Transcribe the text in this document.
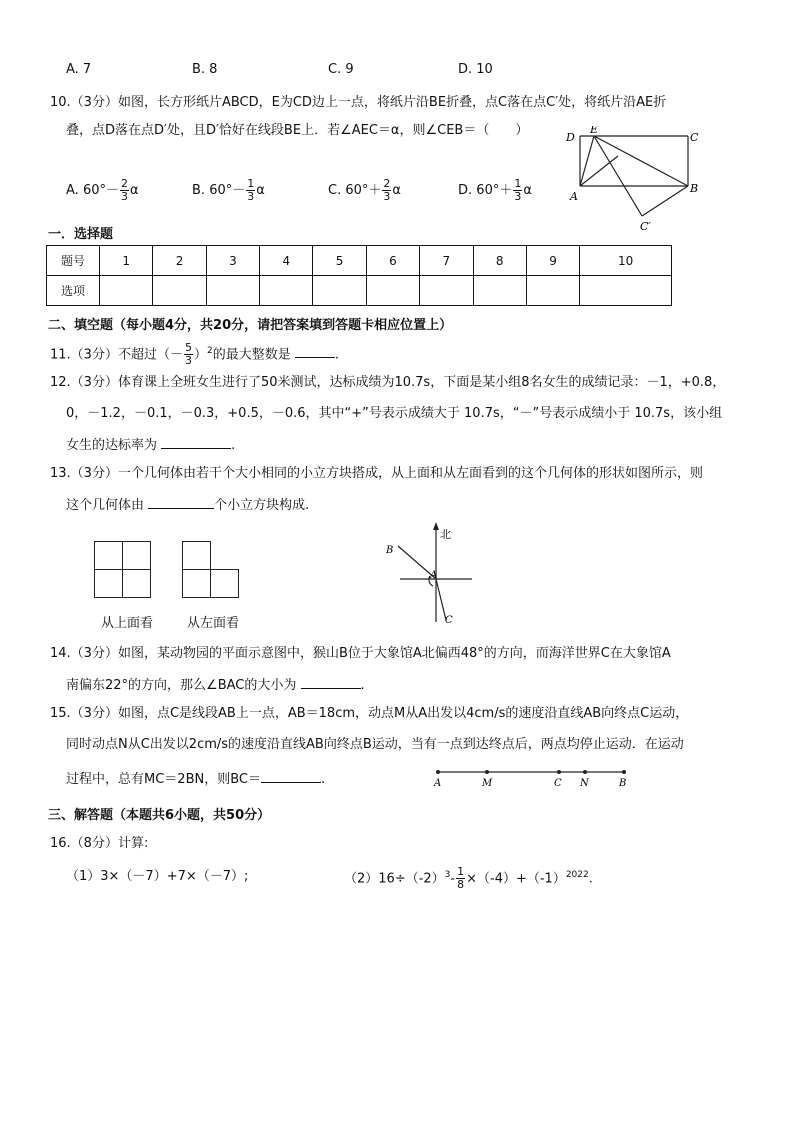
A. 7	B. 8	C. 9	D. 10
10.（3分）如图，长方形纸片ABCD，E为CD边上一点，将纸片沿BE折叠，点C落在点C′处，将纸片沿AE折
叠，点D落在点D′处，且D′恰好在线段BE上．若∠AEC＝α，则∠CEB＝（　　）
A. $60^\circ- \frac{2}{3}$ α	B. $60^\circ- \frac{1}{3}$ α	C. $60^\circ+ \frac{2}{3}$ α	D. $60^\circ+ \frac{1}{3}$ α
D
E
C
A
B
C′
一．选择题
题号	1	2	3	4	5	6	7	8	9	10
选项										
二、填空题（每小题4分，共20分，请把答案填到答题卡相应位置上）
11.（3分）不超过（－ $\frac{5}{3} )^2$的最大整数是	.
12.（3分）体育课上全班女生进行了50米测试，达标成绩为10.7s，下面是某小组8名女生的成绩记录：－1，+0.8，
0，－1.2，－0.1，－0.3，+0.5，－0.6，其中“+”号表示成绩大于 10.7s，“－”号表示成绩小于 10.7s，该小组
女生的达标率为	.
13.（3分）一个几何体由若干个大小相同的小立方块搭成，从上面和从左面看到的这个几何体的形状如图所示，则
这个几何体由	个小立方块构成.
从上面看	从左面看
北
B
A
C
14.（3分）如图，某动物园的平面示意图中，猴山B位于大象馆A北偏西48°的方向，而海洋世界C在大象馆A
南偏东22°的方向，那么∠BAC的大小为	.
15.（3分）如图，点C是线段AB上一点，AB＝18cm，动点M从A出发以4cm/s的速度沿直线AB向终点C运动，
同时动点N从C出发以2cm/s的速度沿直线AB向终点B运动，当有一点到达终点后，两点均停止运动．在运动
过程中，总有MC＝2BN，则BC＝	.	A	M	C N	B
三、解答题（本题共6小题，共50分）
16.（8分）计算:
（1）3×（－7）+7×（－7）;	$(2)16\div(-2)^3- \frac{1}{8} \times(-4)+(-1)^{2022}$.
